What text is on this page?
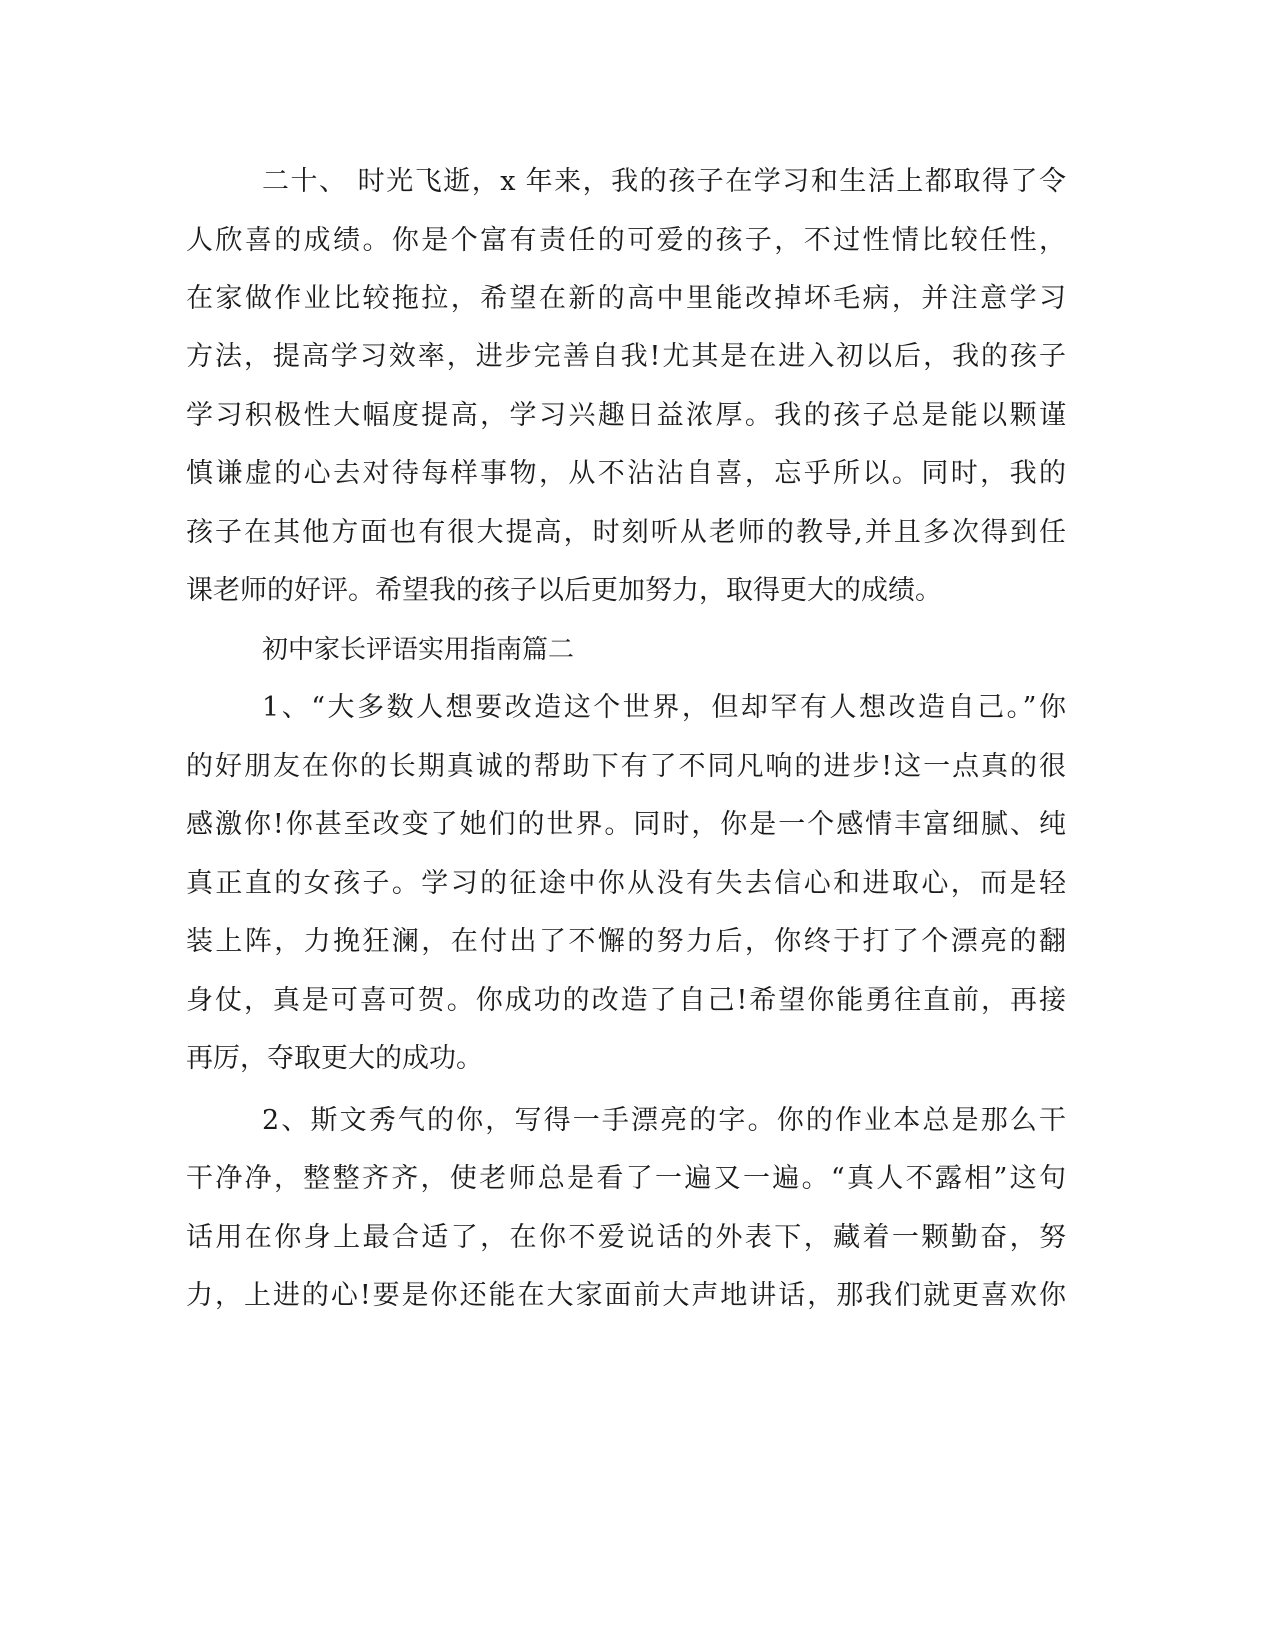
二十、 时光飞逝，x 年来，我的孩子在学习和生活上都取得了令
人欣喜的成绩。你是个富有责任的可爱的孩子，不过性情比较任性，
在家做作业比较拖拉，希望在新的高中里能改掉坏毛病，并注意学习
方法，提高学习效率，进步完善自我!尤其是在进入初以后，我的孩子
学习积极性大幅度提高，学习兴趣日益浓厚。我的孩子总是能以颗谨
慎谦虚的心去对待每样事物，从不沾沾自喜，忘乎所以。同时，我的
孩子在其他方面也有很大提高，时刻听从老师的教导,并且多次得到任
课老师的好评。希望我的孩子以后更加努力，取得更大的成绩。
初中家长评语实用指南篇二
1、“大多数人想要改造这个世界，但却罕有人想改造自己。”你
的好朋友在你的长期真诚的帮助下有了不同凡响的进步!这一点真的很
感激你!你甚至改变了她们的世界。同时，你是一个感情丰富细腻、纯
真正直的女孩子。学习的征途中你从没有失去信心和进取心，而是轻
装上阵，力挽狂澜，在付出了不懈的努力后，你终于打了个漂亮的翻
身仗，真是可喜可贺。你成功的改造了自己!希望你能勇往直前，再接
再厉，夺取更大的成功。
2、斯文秀气的你，写得一手漂亮的字。你的作业本总是那么干
干净净，整整齐齐，使老师总是看了一遍又一遍。“真人不露相”这句
话用在你身上最合适了，在你不爱说话的外表下，藏着一颗勤奋，努
力，上进的心!要是你还能在大家面前大声地讲话，那我们就更喜欢你
